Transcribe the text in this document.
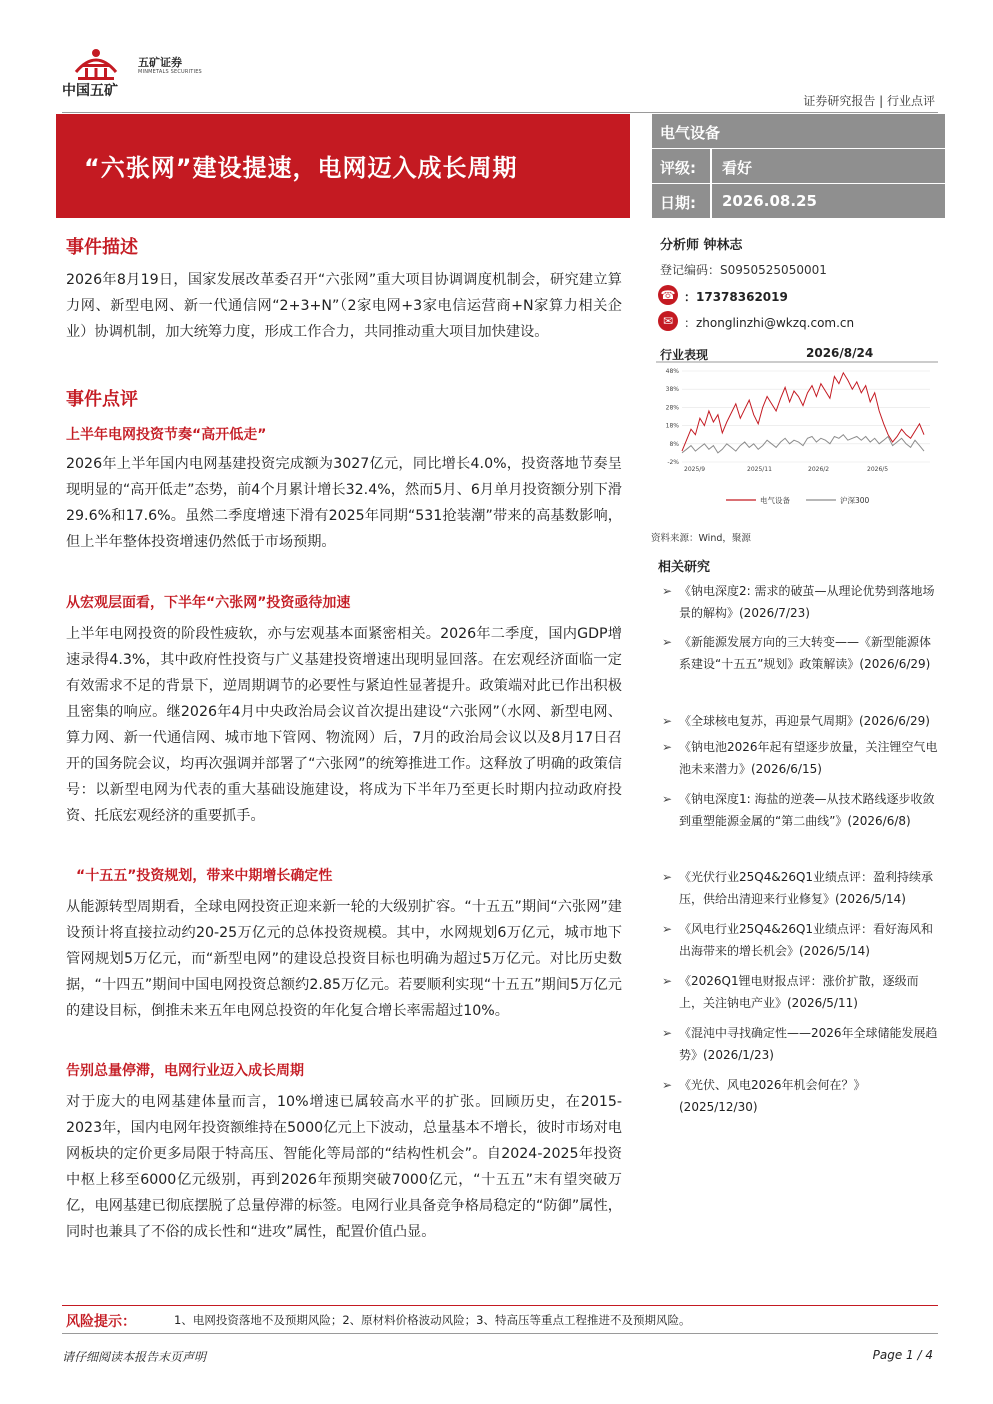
中国五矿
五矿证券
MINMETALS SECURITIES
证券研究报告 | 行业点评
“六张网”建设提速，电网迈入成长周期
电气设备
评级: 看好
日期: 2026.08.25
事件描述
2026年8月19日，国家发展改革委召开“六张网”重大项目协调调度机制会，研究建立算力网、新型电网、新一代通信网“2+3+N”（2家电网+3家电信运营商+N家算力相关企业）协调机制，加大统筹力度，形成工作合力，共同推动重大项目加快建设。
事件点评
上半年电网投资节奏“高开低走”
2026年上半年国内电网基建投资完成额为3027亿元，同比增长4.0%，投资落地节奏呈现明显的“高开低走”态势，前4个月累计增长32.4%，然而5月、6月单月投资额分别下滑29.6%和17.6%。虽然二季度增速下滑有2025年同期“531抢装潮”带来的高基数影响，但上半年整体投资增速仍然低于市场预期。
从宏观层面看，下半年“六张网”投资亟待加速
上半年电网投资的阶段性疲软，亦与宏观基本面紧密相关。2026年二季度，国内GDP增速录得4.3%，其中政府性投资与广义基建投资增速出现明显回落。在宏观经济面临一定有效需求不足的背景下，逆周期调节的必要性与紧迫性显著提升。政策端对此已作出积极且密集的响应。继2026年4月中央政治局会议首次提出建设“六张网”（水网、新型电网、算力网、新一代通信网、城市地下管网、物流网）后，7月的政治局会议以及8月17日召开的国务院会议，均再次强调并部署了“六张网”的统筹推进工作。这释放了明确的政策信号：以新型电网为代表的重大基础设施建设，将成为下半年乃至更长时期内拉动政府投资、托底宏观经济的重要抓手。
“十五五”投资规划，带来中期增长确定性
从能源转型周期看，全球电网投资正迎来新一轮的大级别扩容。“十五五”期间“六张网”建设预计将直接拉动约20-25万亿元的总体投资规模。其中，水网规划6万亿元，城市地下管网规划5万亿元，而“新型电网”的建设总投资目标也明确为超过5万亿元。对比历史数据，“十四五”期间中国电网投资总额约2.85万亿元。若要顺利实现“十五五”期间5万亿元的建设目标，倒推未来五年电网总投资的年化复合增长率需超过10%。
告别总量停滞，电网行业迈入成长周期
对于庞大的电网基建体量而言，10%增速已属较高水平的扩张。回顾历史，在2015-2023年，国内电网年投资额维持在5000亿元上下波动，总量基本不增长，彼时市场对电网板块的定价更多局限于特高压、智能化等局部的“结构性机会”。自2024-2025年投资中枢上移至6000亿元级别，再到2026年预期突破7000亿元，“十五五”末有望突破万亿，电网基建已彻底摆脱了总量停滞的标签。电网行业具备竞争格局稳定的“防御”属性，同时也兼具了不俗的成长性和“进攻”属性，配置价值凸显。
分析师 钟林志
登记编码：S0950525050001
☎ ：17378362019
✉ ：zhonglinzhi@wkzq.com.cn
行业表现	2026/8/24
48%
38%
28%
18%
8%
-2%
2025/9	2025/11	2026/2	2026/5
电气设备	沪深300
资料来源：Wind，聚源
相关研究
➢ 《钠电深度2: 需求的破茧—从理论优势到落地场景的解构》(2026/7/23)
➢ 《新能源发展方向的三大转变——《新型能源体系建设“十五五”规划》政策解读》(2026/6/29)
➢ 《全球核电复苏，再迎景气周期》(2026/6/29)
➢ 《钠电池2026年起有望逐步放量，关注锂空气电池未来潜力》(2026/6/15)
➢ 《钠电深度1: 海盐的逆袭—从技术路线逐步收敛到重塑能源金属的“第二曲线”》(2026/6/8)
➢ 《光伏行业25Q4&26Q1业绩点评：盈利持续承压，供给出清迎来行业修复》(2026/5/14)
➢ 《风电行业25Q4&26Q1业绩点评：看好海风和出海带来的增长机会》(2026/5/14)
➢ 《2026Q1锂电财报点评：涨价扩散，逐级而上，关注钠电产业》(2026/5/11)
➢ 《混沌中寻找确定性——2026年全球储能发展趋势》(2026/1/23)
➢ 《光伏、风电2026年机会何在？》(2025/12/30)
风险提示：	1、电网投资落地不及预期风险；2、原材料价格波动风险；3、特高压等重点工程推进不及预期风险。
请仔细阅读本报告末页声明	Page 1 / 4
